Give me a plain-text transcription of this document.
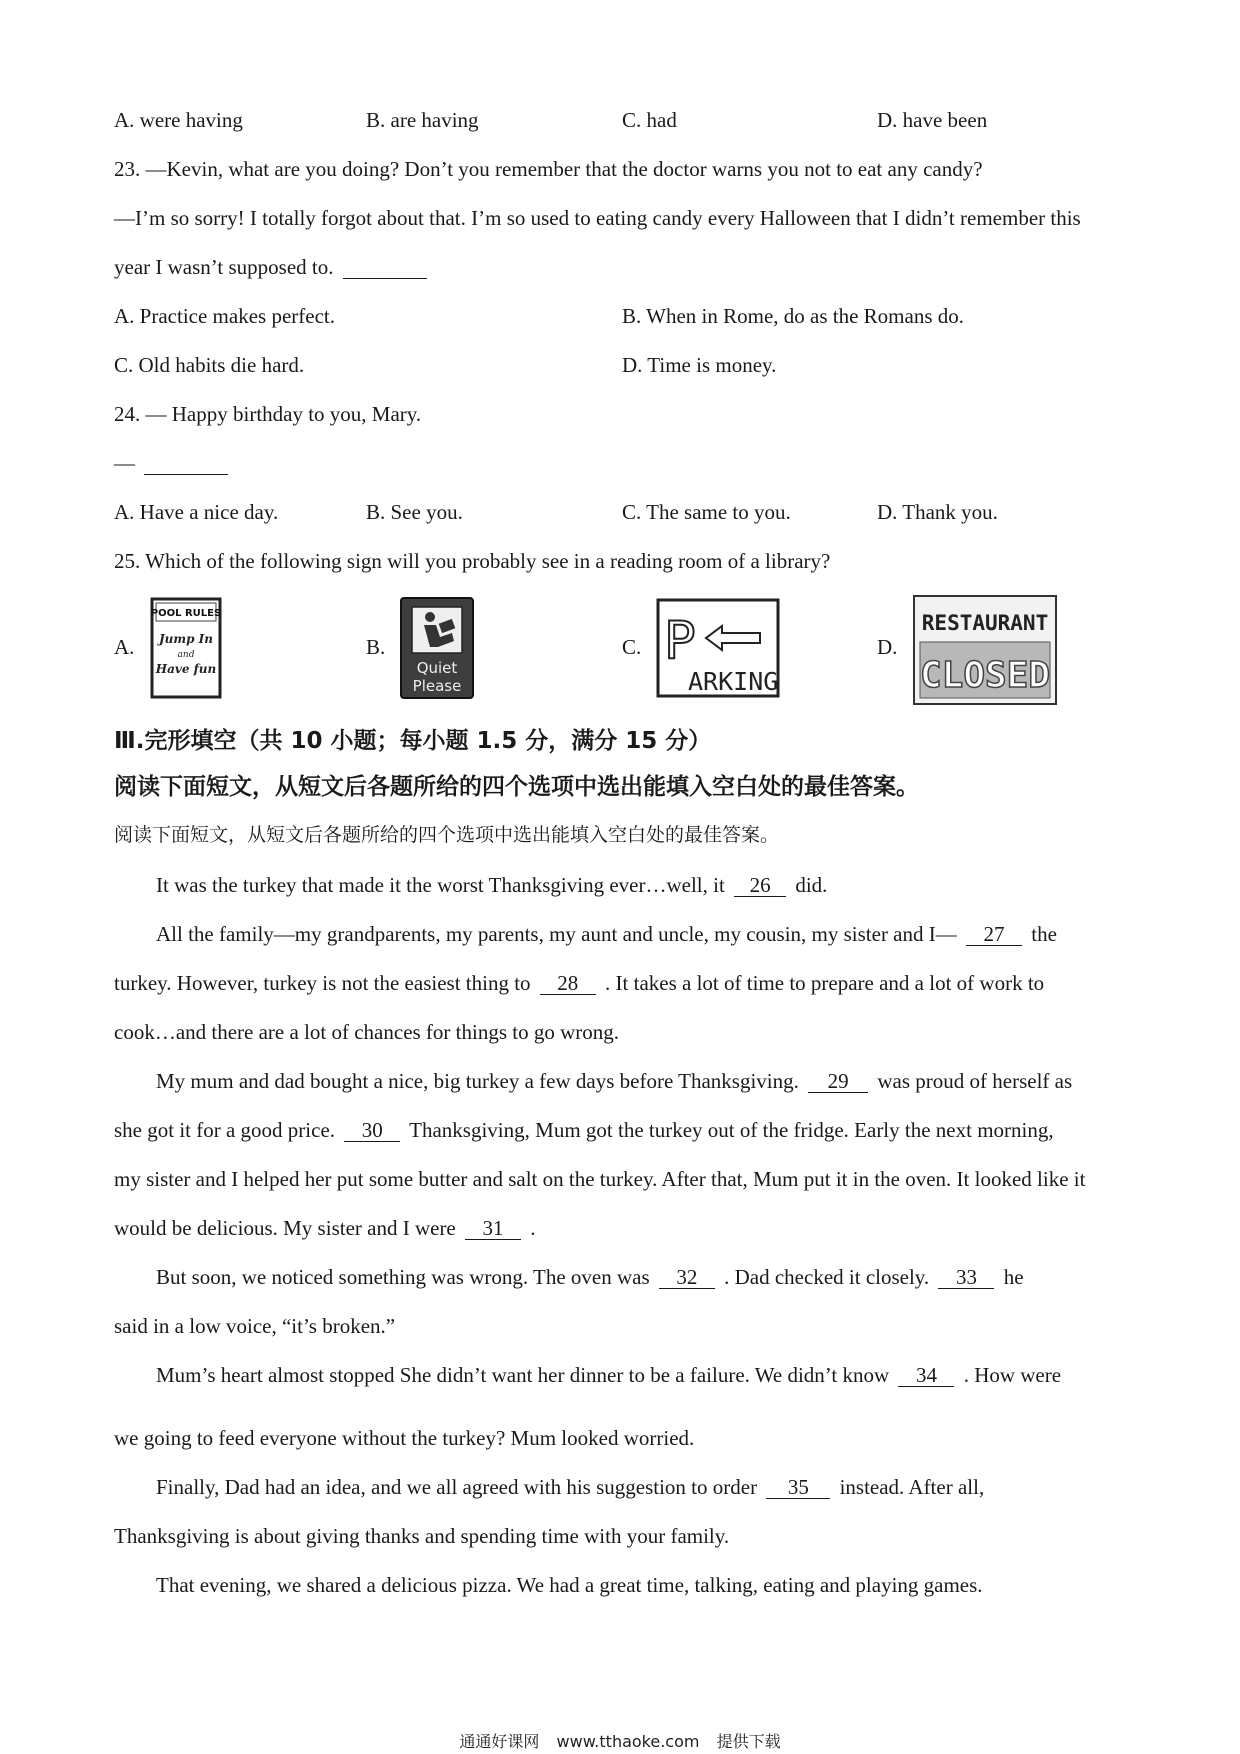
A. were having	B. are having	C. had	D. have been
23. —Kevin, what are you doing? Don’t you remember that the doctor warns you not to eat any candy?
—I’m so sorry! I totally forgot about that. I’m so used to eating candy every Halloween that I didn’t remember this
year I wasn’t supposed to.
A. Practice makes perfect.	B. When in Rome, do as the Romans do.
C. Old habits die hard.	D. Time is money.
24. — Happy birthday to you, Mary.
—
A. Have a nice day.	B. See you.	C. The same to you.	D. Thank you.
25. Which of the following sign will you probably see in a reading room of a library?
A.
POOL RULES
Jump In
and
Have fun
B.
Quiet
Please
C. P
ARKING
D.
RESTAURANT
CLOSED
Ⅲ.完形填空（共 10 小题；每小题 1.5 分，满分 15 分）
阅读下面短文，从短文后各题所给的四个选项中选出能填入空白处的最佳答案。
阅读下面短文，从短文后各题所给的四个选项中选出能填入空白处的最佳答案。
It was the turkey that made it the worst Thanksgiving ever…well, it 26 did.
All the family—my grandparents, my parents, my aunt and uncle, my cousin, my sister and I— 27 the
turkey. However, turkey is not the easiest thing to 28 . It takes a lot of time to prepare and a lot of work to
cook…and there are a lot of chances for things to go wrong.
My mum and dad bought a nice, big turkey a few days before Thanksgiving. 29 was proud of herself as
she got it for a good price. 30 Thanksgiving, Mum got the turkey out of the fridge. Early the next morning,
my sister and I helped her put some butter and salt on the turkey. After that, Mum put it in the oven. It looked like it
would be delicious. My sister and I were 31 .
But soon, we noticed something was wrong. The oven was 32 . Dad checked it closely. 33 he
said in a low voice, “it’s broken.”
Mum’s heart almost stopped She didn’t want her dinner to be a failure. We didn’t know 34 . How were
we going to feed everyone without the turkey? Mum looked worried.
Finally, Dad had an idea, and we all agreed with his suggestion to order 35 instead. After all,
Thanksgiving is about giving thanks and spending time with your family.
That evening, we shared a delicious pizza. We had a great time, talking, eating and playing games.
通通好课网 www.tthaoke.com 提供下载
